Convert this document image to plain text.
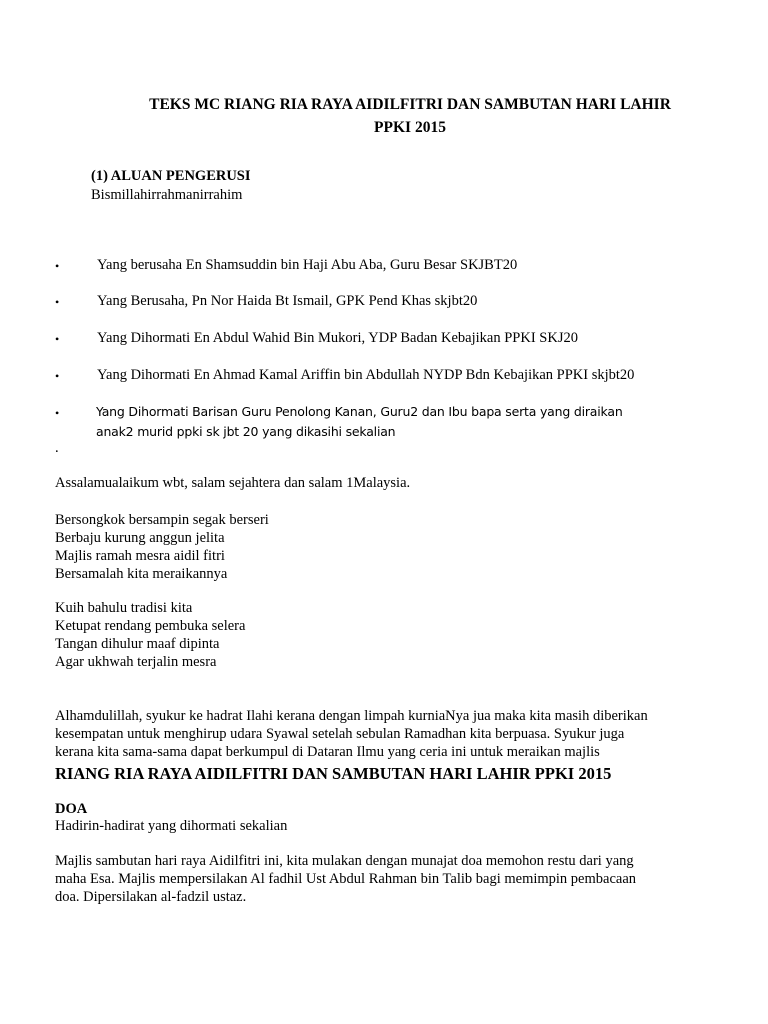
TEKS MC RIANG RIA RAYA AIDILFITRI DAN SAMBUTAN HARI LAHIR
PPKI 2015
(1) ALUAN PENGERUSI
Bismillahirrahmanirrahim
•	Yang berusaha En Shamsuddin bin Haji Abu Aba, Guru Besar SKJBT20
•	Yang Berusaha, Pn Nor Haida Bt Ismail, GPK Pend Khas skjbt20
•	Yang Dihormati En Abdul Wahid Bin Mukori, YDP Badan Kebajikan PPKI SKJ20
•	Yang Dihormati En Ahmad Kamal Ariffin bin Abdullah NYDP Bdn Kebajikan PPKI skjbt20
•	Yang Dihormati Barisan Guru Penolong Kanan, Guru2 dan Ibu bapa serta yang diraikan
anak2 murid ppki sk jbt 20 yang dikasihi sekalian
.
Assalamualaikum wbt, salam sejahtera dan salam 1Malaysia.
Bersongkok bersampin segak berseri
Berbaju kurung anggun jelita
Majlis ramah mesra aidil fitri
Bersamalah kita meraikannya
Kuih bahulu tradisi kita
Ketupat rendang pembuka selera
Tangan dihulur maaf dipinta
Agar ukhwah terjalin mesra
Alhamdulillah, syukur ke hadrat Ilahi kerana dengan limpah kurniaNya jua maka kita masih diberikan
kesempatan untuk menghirup udara Syawal setelah sebulan Ramadhan kita berpuasa. Syukur juga
kerana kita sama-sama dapat berkumpul di Dataran Ilmu yang ceria ini untuk meraikan majlis
RIANG RIA RAYA AIDILFITRI DAN SAMBUTAN HARI LAHIR PPKI 2015
DOA
Hadirin-hadirat yang dihormati sekalian
Majlis sambutan hari raya Aidilfitri ini, kita mulakan dengan munajat doa memohon restu dari yang
maha Esa. Majlis mempersilakan Al fadhil Ust Abdul Rahman bin Talib bagi memimpin pembacaan
doa. Dipersilakan al-fadzil ustaz.
